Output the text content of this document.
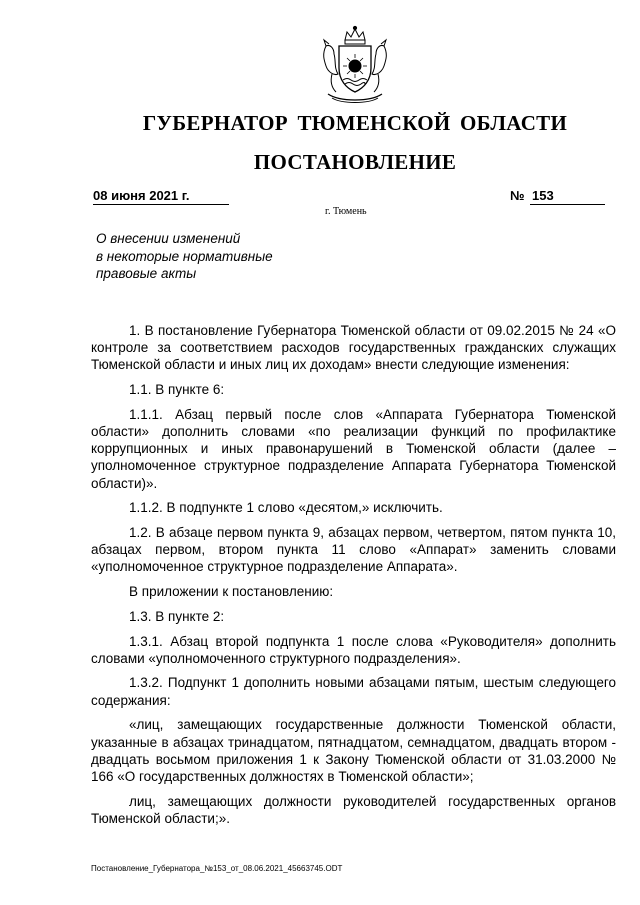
ГУБЕРНАТОР ТЮМЕНСКОЙ ОБЛАСТИ
ПОСТАНОВЛЕНИЕ
08 июня 2021 г.	№ 153
г. Тюмень
О внесении изменений
в некоторые нормативные
правовые акты

1. В постановление Губернатора Тюменской области от 09.02.2015 № 24 «О контроле за соответствием расходов государственных гражданских служащих Тюменской области и иных лиц их доходам» внести следующие изменения:

1.1. В пункте 6:

1.1.1. Абзац первый после слов «Аппарата Губернатора Тюменской области» дополнить словами «по реализации функций по профилактике коррупционных и иных правонарушений в Тюменской области (далее – уполномоченное структурное подразделение Аппарата Губернатора Тюменской области)».

1.1.2. В подпункте 1 слово «десятом,» исключить.

1.2. В абзаце первом пункта 9, абзацах первом, четвертом, пятом пункта 10, абзацах первом, втором пункта 11 слово «Аппарат» заменить словами «уполномоченное структурное подразделение Аппарата».

В приложении к постановлению:

1.3. В пункте 2:

1.3.1. Абзац второй подпункта 1 после слова «Руководителя» дополнить словами «уполномоченного структурного подразделения».

1.3.2. Подпункт 1 дополнить новыми абзацами пятым, шестым следующего содержания:

«лиц, замещающих государственные должности Тюменской области, указанные в абзацах тринадцатом, пятнадцатом, семнадцатом, двадцать втором - двадцать восьмом приложения 1 к Закону Тюменской области от 31.03.2000 № 166 «О государственных должностях в Тюменской области»;

лиц, замещающих должности руководителей государственных органов Тюменской области;».

Постановление_Губернатора_№153_от_08.06.2021_45663745.ODT
